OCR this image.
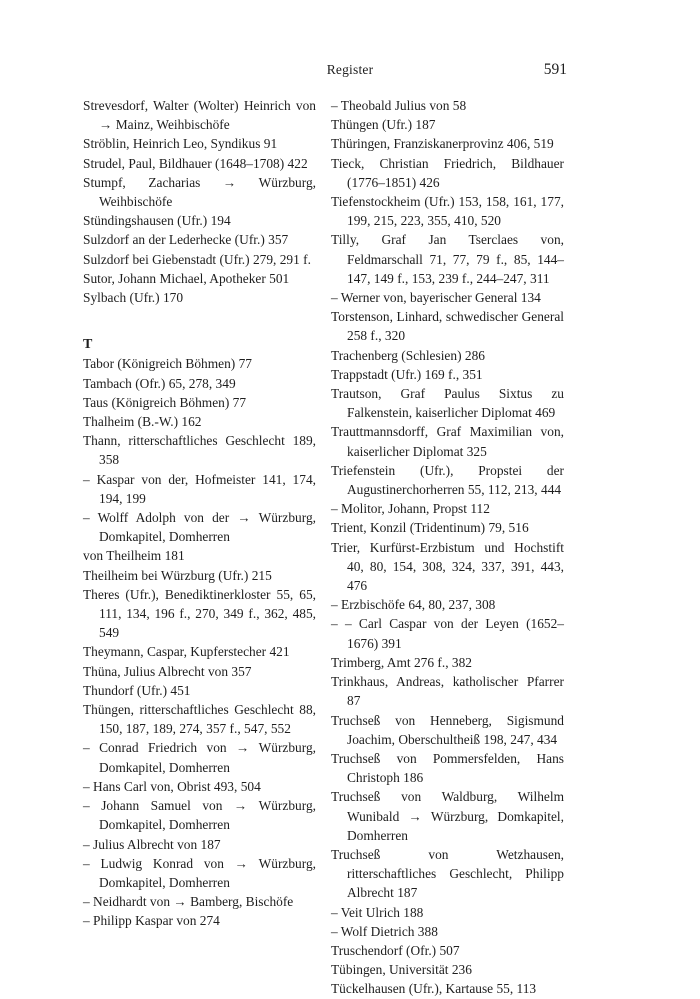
Register	591
Strevesdorf, Walter (Wolter) Heinrich von → Mainz, Weihbischöfe
Ströblin, Heinrich Leo, Syndikus 91
Strudel, Paul, Bildhauer (1648–1708) 422
Stumpf, Zacharias → Würzburg, Weihbischöfe
Stündingshausen (Ufr.) 194
Sulzdorf an der Lederhecke (Ufr.) 357
Sulzdorf bei Giebenstadt (Ufr.) 279, 291 f.
Sutor, Johann Michael, Apotheker 501
Sylbach (Ufr.) 170
T
Tabor (Königreich Böhmen) 77
Tambach (Ofr.) 65, 278, 349
Taus (Königreich Böhmen) 77
Thalheim (B.-W.) 162
Thann, ritterschaftliches Geschlecht 189, 358
– Kaspar von der, Hofmeister 141, 174, 194, 199
– Wolff Adolph von der → Würzburg, Domkapitel, Domherren
von Theilheim 181
Theilheim bei Würzburg (Ufr.) 215
Theres (Ufr.), Benediktinerkloster 55, 65, 111, 134, 196 f., 270, 349 f., 362, 485, 549
Theymann, Caspar, Kupferstecher 421
Thüna, Julius Albrecht von 357
Thundorf (Ufr.) 451
Thüngen, ritterschaftliches Geschlecht 88, 150, 187, 189, 274, 357 f., 547, 552
– Conrad Friedrich von → Würzburg, Domkapitel, Domherren
– Hans Carl von, Obrist 493, 504
– Johann Samuel von → Würzburg, Domkapitel, Domherren
– Julius Albrecht von 187
– Ludwig Konrad von → Würzburg, Domkapitel, Domherren
– Neidhardt von → Bamberg, Bischöfe
– Philipp Kaspar von 274
– Theobald Julius von 58
Thüngen (Ufr.) 187
Thüringen, Franziskanerprovinz 406, 519
Tieck, Christian Friedrich, Bildhauer (1776–1851) 426
Tiefenstockheim (Ufr.) 153, 158, 161, 177, 199, 215, 223, 355, 410, 520
Tilly, Graf Jan Tserclaes von, Feldmarschall 71, 77, 79 f., 85, 144–147, 149 f., 153, 239 f., 244–247, 311
– Werner von, bayerischer General 134
Torstenson, Linhard, schwedischer General 258 f., 320
Trachenberg (Schlesien) 286
Trappstadt (Ufr.) 169 f., 351
Trautson, Graf Paulus Sixtus zu Falkenstein, kaiserlicher Diplomat 469
Trauttmannsdorff, Graf Maximilian von, kaiserlicher Diplomat 325
Triefenstein (Ufr.), Propstei der Augustinerchorherren 55, 112, 213, 444
– Molitor, Johann, Propst 112
Trient, Konzil (Tridentinum) 79, 516
Trier, Kurfürst-Erzbistum und Hochstift 40, 80, 154, 308, 324, 337, 391, 443, 476
– Erzbischöfe 64, 80, 237, 308
– – Carl Caspar von der Leyen (1652–1676) 391
Trimberg, Amt 276 f., 382
Trinkhaus, Andreas, katholischer Pfarrer 87
Truchseß von Henneberg, Sigismund Joachim, Oberschultheiß 198, 247, 434
Truchseß von Pommersfelden, Hans Christoph 186
Truchseß von Waldburg, Wilhelm Wunibald → Würzburg, Domkapitel, Domherren
Truchseß von Wetzhausen, ritterschaftliches Geschlecht, Philipp Albrecht 187
– Veit Ulrich 188
– Wolf Dietrich 388
Truschendorf (Ofr.) 507
Tübingen, Universität 236
Tückelhausen (Ufr.), Kartause 55, 113
